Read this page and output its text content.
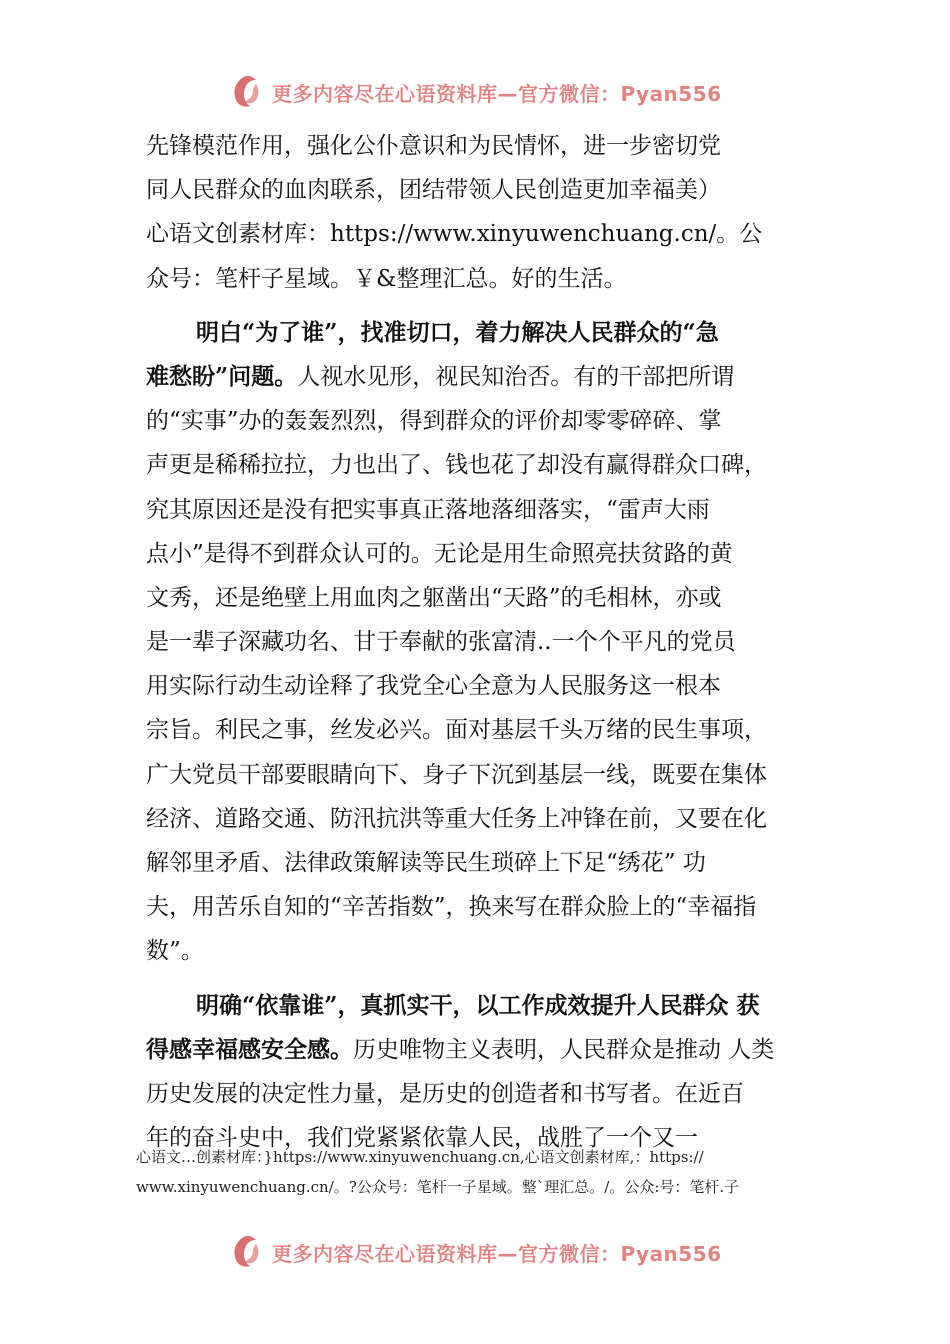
更多内容尽在心语资料库—官方微信：Pyan556
先锋模范作用，强化公仆意识和为民情怀，进一步密切党
同人民群众的血肉联系，团结带领人民创造更加幸福美）
心语文创素材库：https://www.xinyuwenchuang.cn/。公
众号：笔杆子星域。￥&整理汇总。好的生活。
明白“为了谁”，找准切口，着力解决人民群众的“急
难愁盼”问题。人视水见形，视民知治否。有的干部把所谓
的“实事”办的轰轰烈烈，得到群众的评价却零零碎碎、掌
声更是稀稀拉拉，力也出了、钱也花了却没有赢得群众口碑，
究其原因还是没有把实事真正落地落细落实，“雷声大雨
点小”是得不到群众认可的。无论是用生命照亮扶贫路的黄
文秀，还是绝壁上用血肉之躯凿出“天路”的毛相林，亦或
是一辈子深藏功名、甘于奉献的张富清..一个个平凡的党员
用实际行动生动诠释了我党全心全意为人民服务这一根本
宗旨。利民之事，丝发必兴。面对基层千头万绪的民生事项，
广大党员干部要眼睛向下、身子下沉到基层一线，既要在集体
经济、道路交通、防汛抗洪等重大任务上冲锋在前，又要在化
解邻里矛盾、法律政策解读等民生琐碎上下足“绣花” 功
夫，用苦乐自知的“辛苦指数”，换来写在群众脸上的“幸福指
数”。
明确“依靠谁”，真抓实干，以工作成效提升人民群众 获
得感幸福感安全感。历史唯物主义表明，人民群众是推动 人类
历史发展的决定性力量，是历史的创造者和书写者。在近百
年的奋斗史中，我们党紧紧依靠人民，战胜了一个又一
心语文…创素材库：}https://www.xinyuwenchuang.cn,心语文创素材库,：https://
www.xinyuwenchuang.cn/。?公众号：笔杆一子星域。整`理汇总。/。公众:号：笔杆.子
更多内容尽在心语资料库—官方微信：Pyan556
